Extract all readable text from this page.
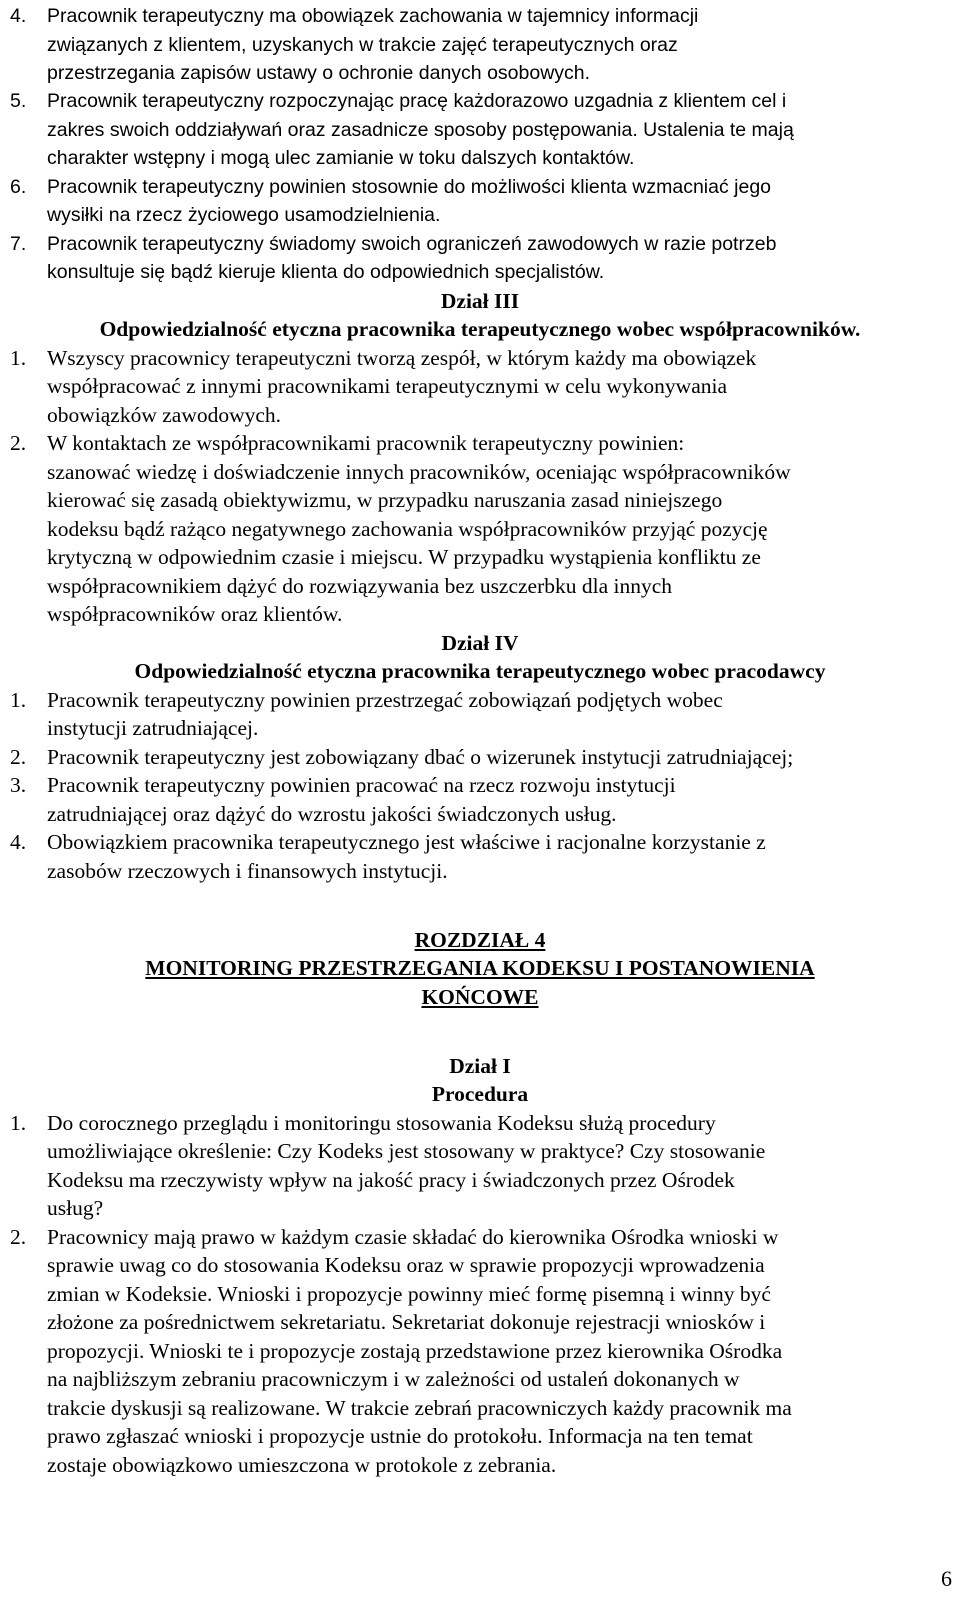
4. Pracownik terapeutyczny ma obowiązek zachowania w tajemnicy informacji
związanych z klientem, uzyskanych w trakcie zajęć terapeutycznych oraz
przestrzegania zapisów ustawy o ochronie danych osobowych.
5. Pracownik terapeutyczny rozpoczynając pracę każdorazowo uzgadnia z klientem cel i
zakres swoich oddziaływań oraz zasadnicze sposoby postępowania. Ustalenia te mają
charakter wstępny i mogą ulec zamianie w toku dalszych kontaktów.
6. Pracownik terapeutyczny powinien stosownie do możliwości klienta wzmacniać jego
wysiłki na rzecz życiowego usamodzielnienia.
7. Pracownik terapeutyczny świadomy swoich ograniczeń zawodowych w razie potrzeb
konsultuje się bądź kieruje klienta do odpowiednich specjalistów.
Dział III
Odpowiedzialność etyczna pracownika terapeutycznego wobec współpracowników.
1. Wszyscy pracownicy terapeutyczni tworzą zespół, w którym każdy ma obowiązek
współpracować z innymi pracownikami terapeutycznymi w celu wykonywania
obowiązków zawodowych.
2. W kontaktach ze współpracownikami pracownik terapeutyczny powinien:
szanować wiedzę i doświadczenie innych pracowników, oceniając współpracowników
kierować się zasadą obiektywizmu, w przypadku naruszania zasad niniejszego
kodeksu bądź rażąco negatywnego zachowania współpracowników przyjąć pozycję
krytyczną w odpowiednim czasie i miejscu. W przypadku wystąpienia konfliktu ze
współpracownikiem dążyć do rozwiązywania bez uszczerbku dla innych
współpracowników oraz klientów.
Dział IV
Odpowiedzialność etyczna pracownika terapeutycznego wobec pracodawcy
1. Pracownik terapeutyczny powinien przestrzegać zobowiązań podjętych wobec
instytucji zatrudniającej.
2. Pracownik terapeutyczny jest zobowiązany dbać o wizerunek instytucji zatrudniającej;
3. Pracownik terapeutyczny powinien pracować na rzecz rozwoju instytucji
zatrudniającej oraz dążyć do wzrostu jakości świadczonych usług.
4. Obowiązkiem pracownika terapeutycznego jest właściwe i racjonalne korzystanie z
zasobów rzeczowych i finansowych instytucji.
ROZDZIAŁ 4
MONITORING PRZESTRZEGANIA KODEKSU I POSTANOWIENIA
KOŃCOWE
Dział I
Procedura
1. Do corocznego przeglądu i monitoringu stosowania Kodeksu służą procedury
umożliwiające określenie: Czy Kodeks jest stosowany w praktyce? Czy stosowanie
Kodeksu ma rzeczywisty wpływ na jakość pracy i świadczonych przez Ośrodek
usług?
2. Pracownicy mają prawo w każdym czasie składać do kierownika Ośrodka wnioski w
sprawie uwag co do stosowania Kodeksu oraz w sprawie propozycji wprowadzenia
zmian w Kodeksie. Wnioski i propozycje powinny mieć formę pisemną i winny być
złożone za pośrednictwem sekretariatu. Sekretariat dokonuje rejestracji wniosków i
propozycji. Wnioski te i propozycje zostają przedstawione przez kierownika Ośrodka
na najbliższym zebraniu pracowniczym i w zależności od ustaleń dokonanych w
trakcie dyskusji są realizowane. W trakcie zebrań pracowniczych każdy pracownik ma
prawo zgłaszać wnioski i propozycje ustnie do protokołu. Informacja na ten temat
zostaje obowiązkowo umieszczona w protokole z zebrania.
6
